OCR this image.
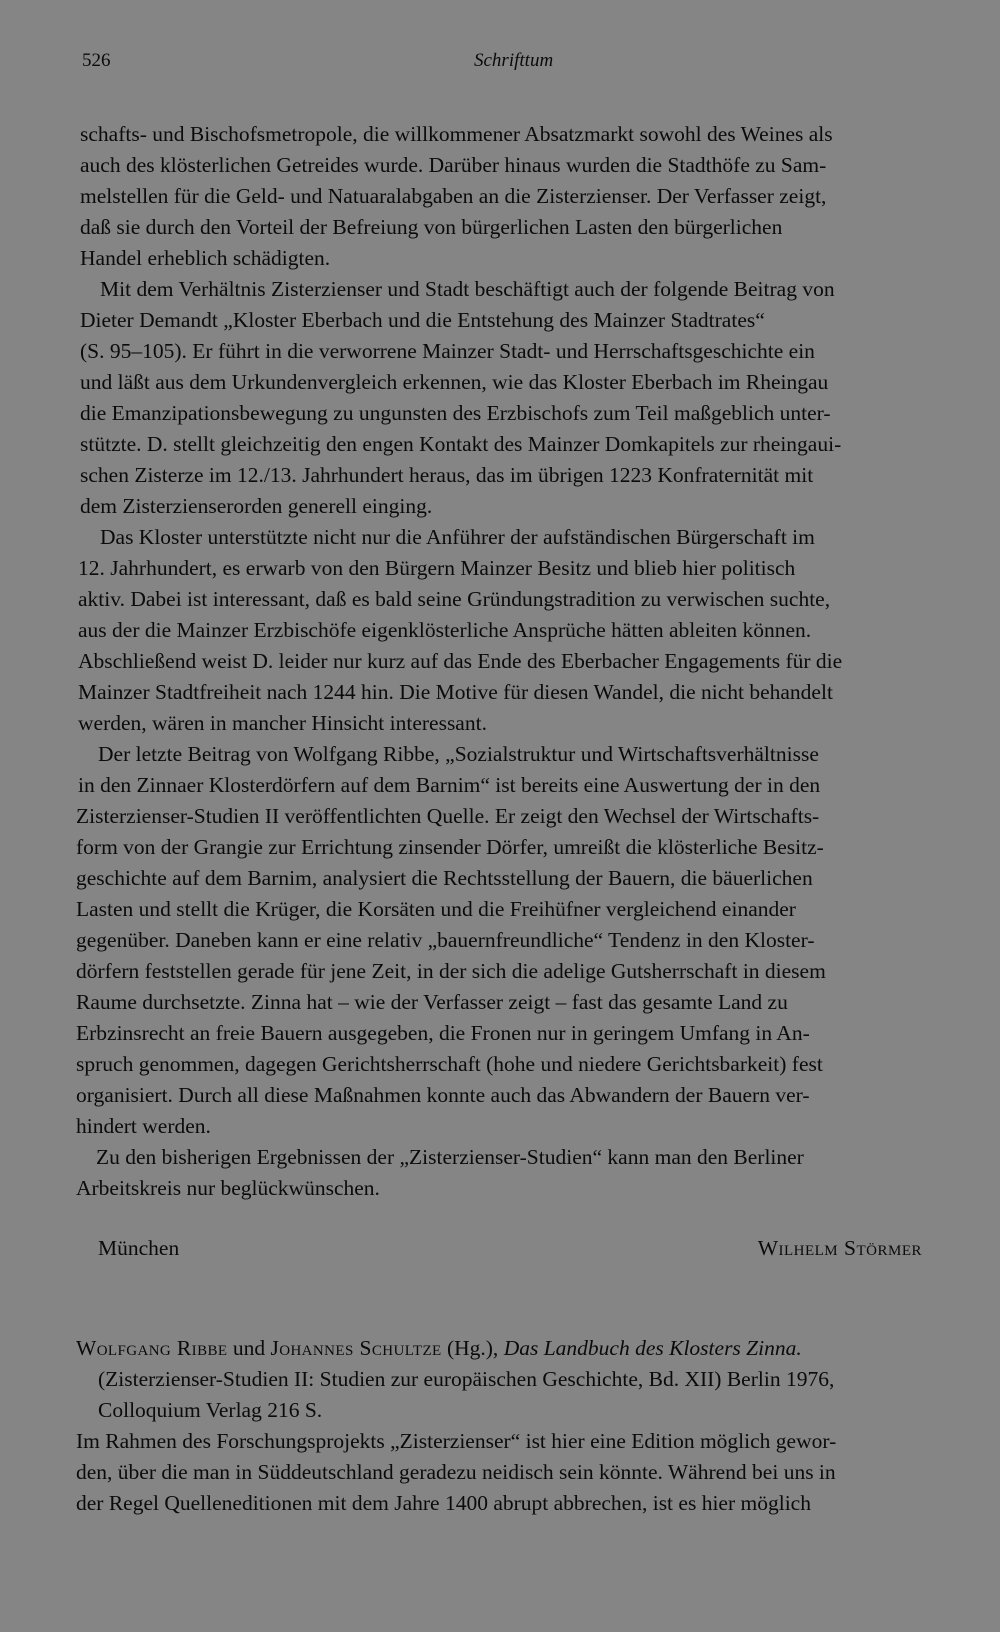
526	Schrifttum
schafts- und Bischofsmetropole, die willkommener Absatzmarkt sowohl des Weines als
auch des klösterlichen Getreides wurde. Darüber hinaus wurden die Stadthöfe zu Sam-
melstellen für die Geld- und Natuaralabgaben an die Zisterzienser. Der Verfasser zeigt,
daß sie durch den Vorteil der Befreiung von bürgerlichen Lasten den bürgerlichen
Handel erheblich schädigten.
Mit dem Verhältnis Zisterzienser und Stadt beschäftigt auch der folgende Beitrag von
Dieter Demandt „Kloster Eberbach und die Entstehung des Mainzer Stadtrates“
(S. 95–105). Er führt in die verworrene Mainzer Stadt- und Herrschaftsgeschichte ein
und läßt aus dem Urkundenvergleich erkennen, wie das Kloster Eberbach im Rheingau
die Emanzipationsbewegung zu ungunsten des Erzbischofs zum Teil maßgeblich unter-
stützte. D. stellt gleichzeitig den engen Kontakt des Mainzer Domkapitels zur rheingaui-
schen Zisterze im 12./13. Jahrhundert heraus, das im übrigen 1223 Konfraternität mit
dem Zisterzienserorden generell einging.
Das Kloster unterstützte nicht nur die Anführer der aufständischen Bürgerschaft im
12. Jahrhundert, es erwarb von den Bürgern Mainzer Besitz und blieb hier politisch
aktiv. Dabei ist interessant, daß es bald seine Gründungstradition zu verwischen suchte,
aus der die Mainzer Erzbischöfe eigenklösterliche Ansprüche hätten ableiten können.
Abschließend weist D. leider nur kurz auf das Ende des Eberbacher Engagements für die
Mainzer Stadtfreiheit nach 1244 hin. Die Motive für diesen Wandel, die nicht behandelt
werden, wären in mancher Hinsicht interessant.
Der letzte Beitrag von Wolfgang Ribbe, „Sozialstruktur und Wirtschaftsverhältnisse
in den Zinnaer Klosterdörfern auf dem Barnim“ ist bereits eine Auswertung der in den
Zisterzienser-Studien II veröffentlichten Quelle. Er zeigt den Wechsel der Wirtschafts-
form von der Grangie zur Errichtung zinsender Dörfer, umreißt die klösterliche Besitz-
geschichte auf dem Barnim, analysiert die Rechtsstellung der Bauern, die bäuerlichen
Lasten und stellt die Krüger, die Korsäten und die Freihüfner vergleichend einander
gegenüber. Daneben kann er eine relativ „bauernfreundliche“ Tendenz in den Kloster-
dörfern feststellen gerade für jene Zeit, in der sich die adelige Gutsherrschaft in diesem
Raume durchsetzte. Zinna hat – wie der Verfasser zeigt – fast das gesamte Land zu
Erbzinsrecht an freie Bauern ausgegeben, die Fronen nur in geringem Umfang in An-
spruch genommen, dagegen Gerichtsherrschaft (hohe und niedere Gerichtsbarkeit) fest
organisiert. Durch all diese Maßnahmen konnte auch das Abwandern der Bauern ver-
hindert werden.
Zu den bisherigen Ergebnissen der „Zisterzienser-Studien“ kann man den Berliner
Arbeitskreis nur beglückwünschen.
München	Wilhelm Störmer
Wolfgang Ribbe und Johannes Schultze (Hg.), Das Landbuch des Klosters Zinna.
(Zisterzienser-Studien II: Studien zur europäischen Geschichte, Bd. XII) Berlin 1976,
Colloquium Verlag 216 S.
Im Rahmen des Forschungsprojekts „Zisterzienser“ ist hier eine Edition möglich gewor-
den, über die man in Süddeutschland geradezu neidisch sein könnte. Während bei uns in
der Regel Quelleneditionen mit dem Jahre 1400 abrupt abbrechen, ist es hier möglich
